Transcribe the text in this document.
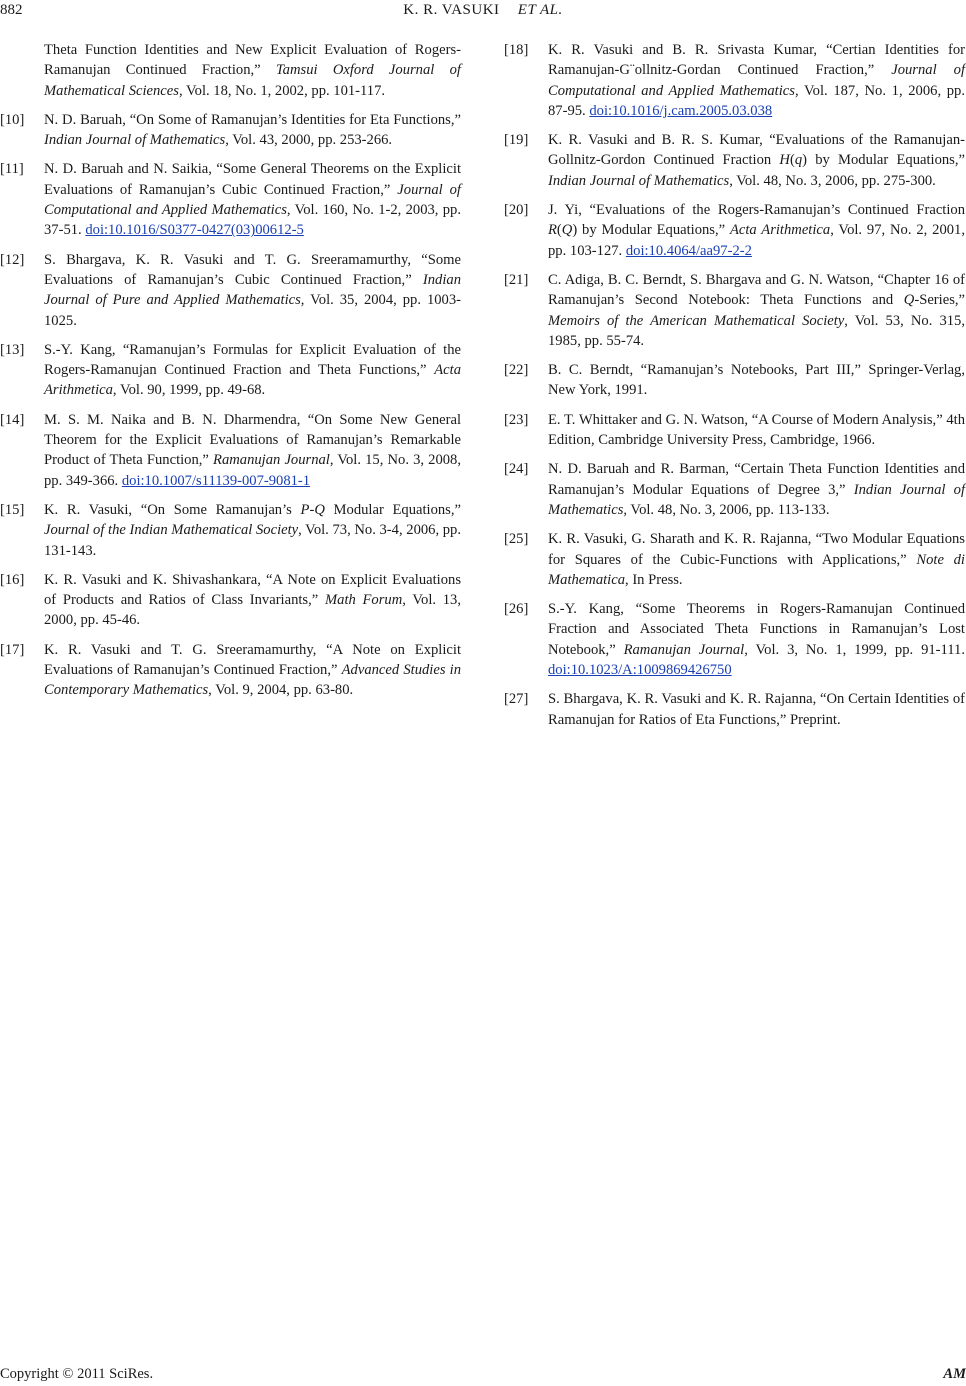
882	K. R. VASUKI ET AL.
Theta Function Identities and New Explicit Evaluation of Rogers-Ramanujan Continued Fraction,” Tamsui Oxford Journal of Mathematical Sciences, Vol. 18, No. 1, 2002, pp. 101-117.
[10]	N. D. Baruah, “On Some of Ramanujan’s Identities for Eta Functions,” Indian Journal of Mathematics, Vol. 43, 2000, pp. 253-266.
[11]	N. D. Baruah and N. Saikia, “Some General Theorems on the Explicit Evaluations of Ramanujan’s Cubic Continued Fraction,” Journal of Computational and Applied Mathematics, Vol. 160, No. 1-2, 2003, pp. 37-51. doi:10.1016/S0377-0427(03)00612-5
[12]	S. Bhargava, K. R. Vasuki and T. G. Sreeramamurthy, “Some Evaluations of Ramanujan’s Cubic Continued Fraction,” Indian Journal of Pure and Applied Mathematics, Vol. 35, 2004, pp. 1003-1025.
[13]	S.-Y. Kang, “Ramanujan’s Formulas for Explicit Evaluation of the Rogers-Ramanujan Continued Fraction and Theta Functions,” Acta Arithmetica, Vol. 90, 1999, pp. 49-68.
[14]	M. S. M. Naika and B. N. Dharmendra, “On Some New General Theorem for the Explicit Evaluations of Ramanujan’s Remarkable Product of Theta Function,” Ramanujan Journal, Vol. 15, No. 3, 2008, pp. 349-366. doi:10.1007/s11139-007-9081-1
[15]	K. R. Vasuki, “On Some Ramanujan’s P-Q Modular Equations,” Journal of the Indian Mathematical Society, Vol. 73, No. 3-4, 2006, pp. 131-143.
[16]	K. R. Vasuki and K. Shivashankara, “A Note on Explicit Evaluations of Products and Ratios of Class Invariants,” Math Forum, Vol. 13, 2000, pp. 45-46.
[17]	K. R. Vasuki and T. G. Sreeramamurthy, “A Note on Explicit Evaluations of Ramanujan’s Continued Fraction,” Advanced Studies in Contemporary Mathematics, Vol. 9, 2004, pp. 63-80.
[18]	K. R. Vasuki and B. R. Srivasta Kumar, “Certian Identities for Ramanujan-G¨ollnitz-Gordan Continued Fraction,” Journal of Computational and Applied Mathematics, Vol. 187, No. 1, 2006, pp. 87-95. doi:10.1016/j.cam.2005.03.038
[19]	K. R. Vasuki and B. R. S. Kumar, “Evaluations of the Ramanujan-Gollnitz-Gordon Continued Fraction H(q) by Modular Equations,” Indian Journal of Mathematics, Vol. 48, No. 3, 2006, pp. 275-300.
[20]	J. Yi, “Evaluations of the Rogers-Ramanujan’s Continued Fraction R(Q) by Modular Equations,” Acta Arithmetica, Vol. 97, No. 2, 2001, pp. 103-127. doi:10.4064/aa97-2-2
[21]	C. Adiga, B. C. Berndt, S. Bhargava and G. N. Watson, “Chapter 16 of Ramanujan’s Second Notebook: Theta Functions and Q-Series,” Memoirs of the American Mathematical Society, Vol. 53, No. 315, 1985, pp. 55-74.
[22]	B. C. Berndt, “Ramanujan’s Notebooks, Part III,” Springer-Verlag, New York, 1991.
[23]	E. T. Whittaker and G. N. Watson, “A Course of Modern Analysis,” 4th Edition, Cambridge University Press, Cambridge, 1966.
[24]	N. D. Baruah and R. Barman, “Certain Theta Function Identities and Ramanujan’s Modular Equations of Degree 3,” Indian Journal of Mathematics, Vol. 48, No. 3, 2006, pp. 113-133.
[25]	K. R. Vasuki, G. Sharath and K. R. Rajanna, “Two Modular Equations for Squares of the Cubic-Functions with Applications,” Note di Mathematica, In Press.
[26]	S.-Y. Kang, “Some Theorems in Rogers-Ramanujan Continued Fraction and Associated Theta Functions in Ramanujan’s Lost Notebook,” Ramanujan Journal, Vol. 3, No. 1, 1999, pp. 91-111. doi:10.1023/A:1009869426750
[27]	S. Bhargava, K. R. Vasuki and K. R. Rajanna, “On Certain Identities of Ramanujan for Ratios of Eta Functions,” Preprint.
Copyright © 2011 SciRes.	AM
